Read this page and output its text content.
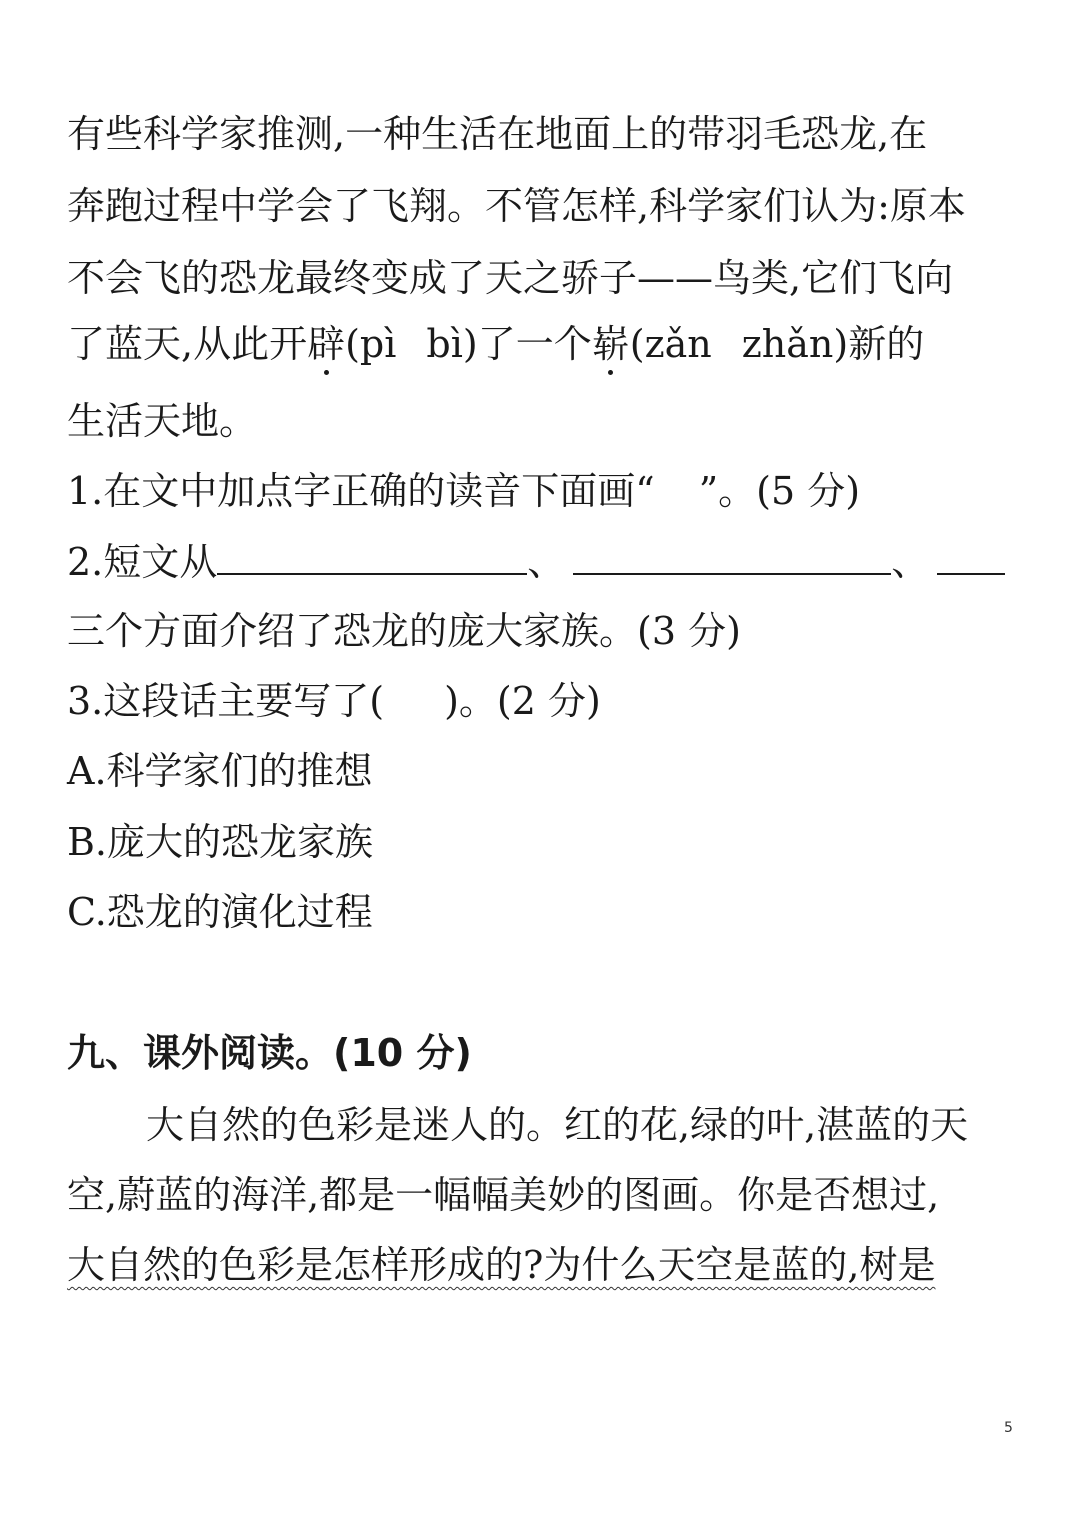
有些科学家推测,一种生活在地面上的带羽毛恐龙,在
奔跑过程中学会了飞翔。不管怎样,科学家们认为:原本
不会飞的恐龙最终变成了天之骄子——鸟类,它们飞向
了蓝天,从此开辟(pì bì)了一个崭(zǎn zhǎn)新的
生活天地。
1.在文中加点字正确的读音下面画“ ”。(5 分)
2.短文从	、	、
三个方面介绍了恐龙的庞大家族。(3 分)
3.这段话主要写了( )。(2 分)
A.科学家们的推想
B.庞大的恐龙家族
C.恐龙的演化过程
九、课外阅读。(10 分)
大自然的色彩是迷人的。红的花,绿的叶,湛蓝的天
空,蔚蓝的海洋,都是一幅幅美妙的图画。你是否想过,
大自然的色彩是怎样形成的?为什么天空是蓝的,树是
5
